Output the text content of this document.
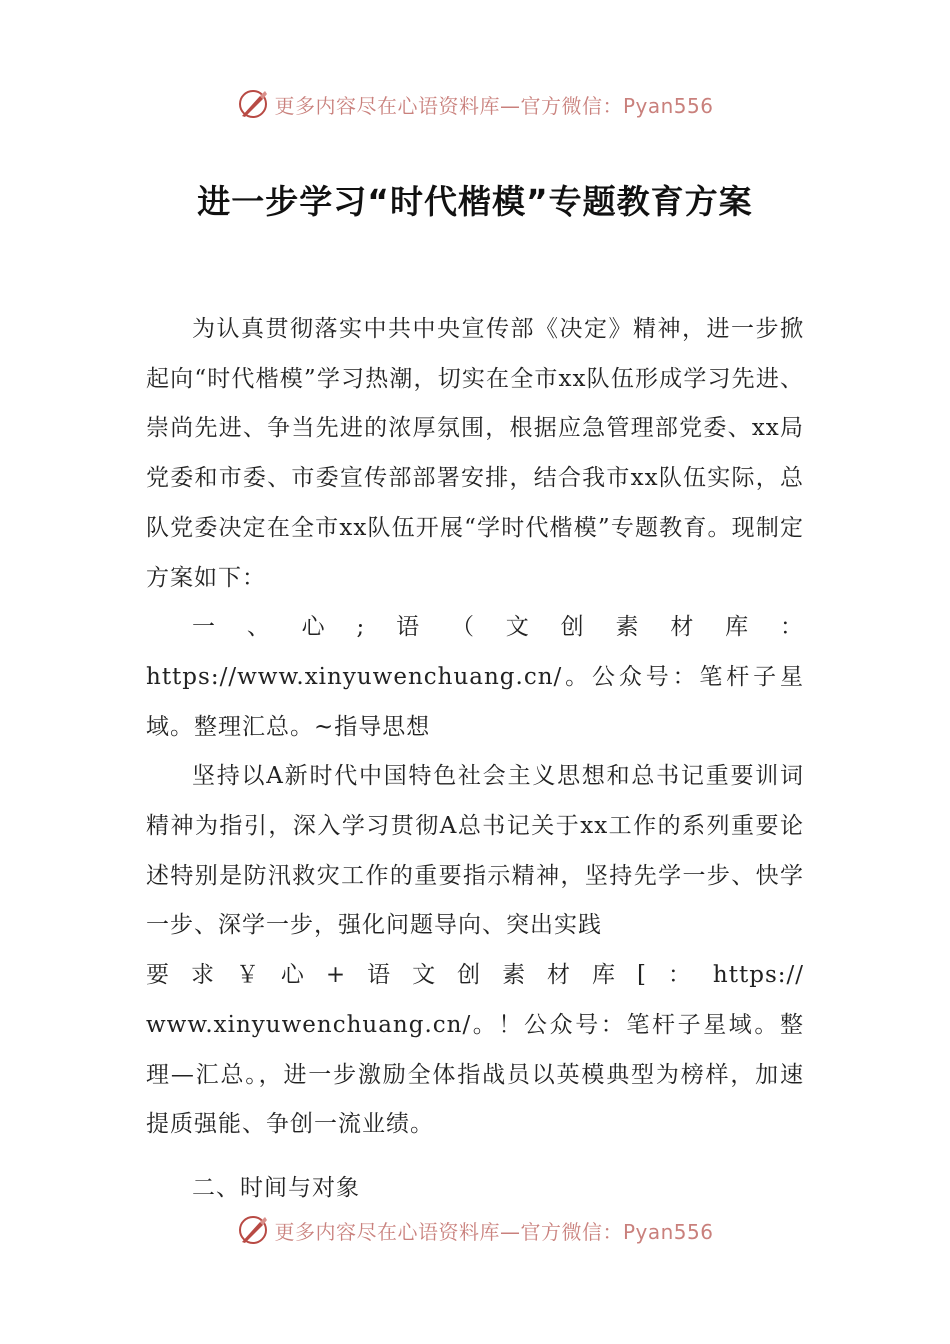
更多内容尽在心语资料库—官方微信：Pyan556
进一步学习“时代楷模”专题教育方案

为认真贯彻落实中共中央宣传部《决定》精神，进一步掀起向“时代楷模”学习热潮，切实在全市xx队伍形成学习先进、崇尚先进、争当先进的浓厚氛围，根据应急管理部党委、xx局党委和市委、市委宣传部部署安排，结合我市xx队伍实际，总队党委决定在全市xx队伍开展“学时代楷模”专题教育。现制定方案如下：

一、心;语（文创素材库：https://www.xinyuwenchuang.cn/。公众号：笔杆子星域。整理汇总。~指导思想

坚持以A新时代中国特色社会主义思想和总书记重要训词精神为指引，深入学习贯彻A总书记关于xx工作的系列重要论述特别是防汛救灾工作的重要指示精神，坚持先学一步、快学一步、深学一步，强化问题导向、突出实践

要求￥心+语文创素材库[：https://

www.xinyuwenchuang.cn/。！公众号：笔杆子星域。整理—汇总。，进一步激励全体指战员以英模典型为榜样，加速提质强能、争创一流业绩。

二、时间与对象

更多内容尽在心语资料库—官方微信：Pyan556
